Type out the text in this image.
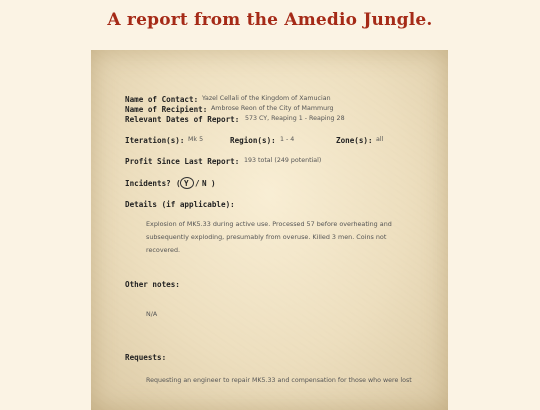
A report from the Amedio Jungle.
Name of Contact: Yazel Cellali of the Kingdom of Xamucian
Name of Recipient: Ambrose Reon of the City of Mammurg
Relevant Dates of Report: 573 CY, Reaping 1 - Reaping 28
Iteration(s): Mk 5	Region(s): 1 - 4	Zone(s): all
Profit Since Last Report: 193 total (249 potential)
Incidents? ( Y / N )
Details (if applicable):
Explosion of MK5.33 during active use. Processed 57 before overheating and subsequently exploding, presumably from overuse. Killed 3 men. Coins not recovered.
Other notes:
N/A
Requests:
Requesting an engineer to repair MK5.33 and compensation for those who were lost
